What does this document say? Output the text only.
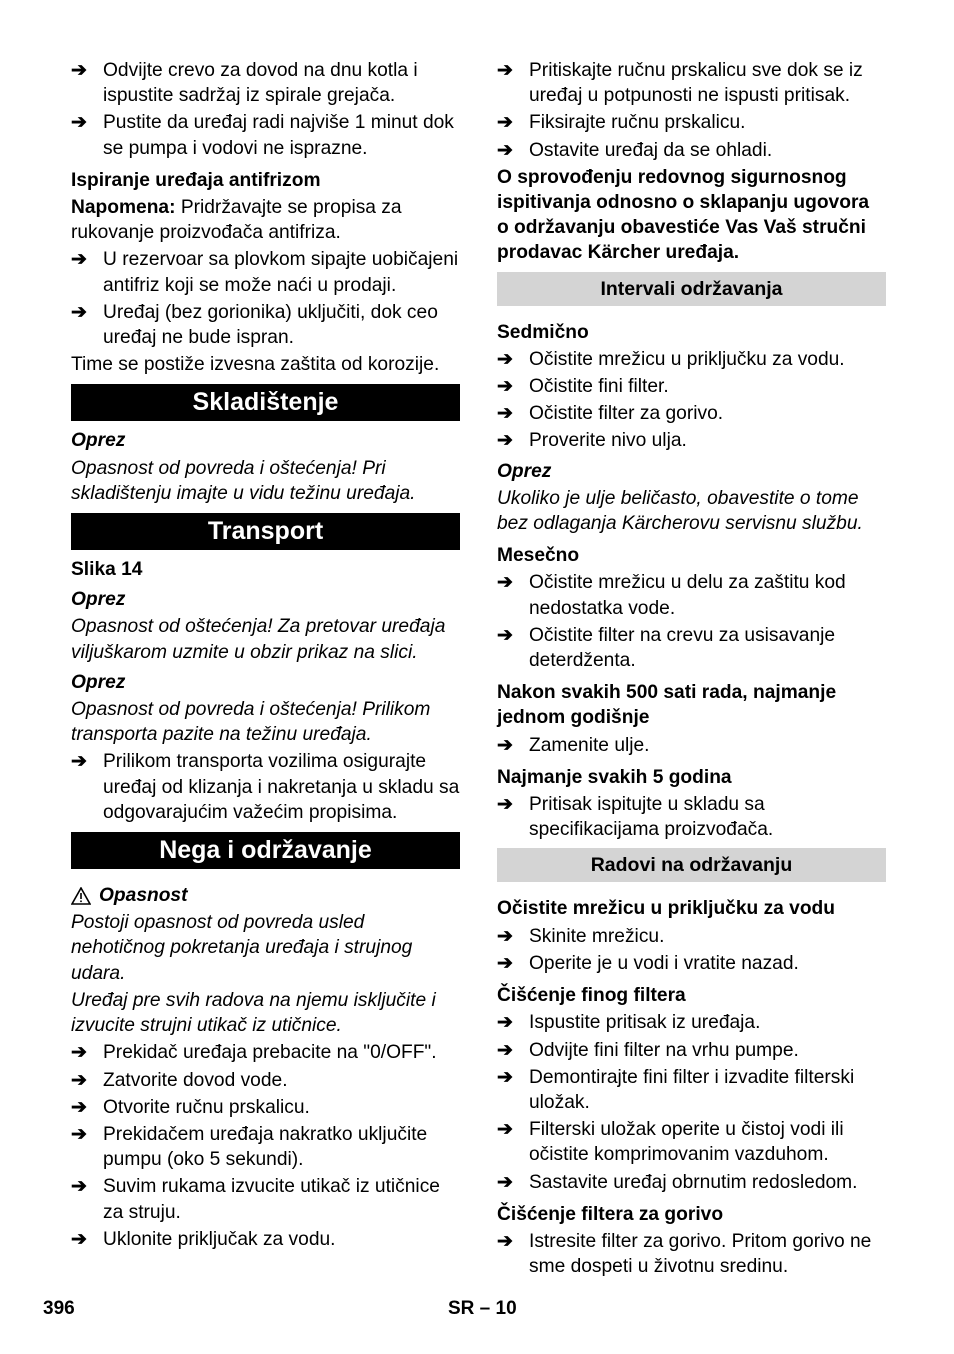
➔ Odvijte crevo za dovod na dnu kotla i ispustite sadržaj iz spirale grejača.
➔ Pustite da uređaj radi najviše 1 minut dok se pumpa i vodovi ne isprazne.
Ispiranje uređaja antifrizom
Napomena: Pridržavajte se propisa za rukovanje proizvođača antifriza.
➔ U rezervoar sa plovkom sipajte uobičajeni antifriz koji se može naći u prodaji.
➔ Uređaj (bez gorionika) uključiti, dok ceo uređaj ne bude ispran.
Time se postiže izvesna zaštita od korozije.
Skladištenje
Oprez
Opasnost od povreda i oštećenja! Pri skladištenju imajte u vidu težinu uređaja.
Transport
Slika 14
Oprez
Opasnost od oštećenja! Za pretovar uređaja viljuškarom uzmite u obzir prikaz na slici.
Oprez
Opasnost od povreda i oštećenja! Prilikom transporta pazite na težinu uređaja.
➔ Prilikom transporta vozilima osigurajte uređaj od klizanja i nakretanja u skladu sa odgovarajućim važećim propisima.
Nega i održavanje
Opasnost
Postoji opasnost od povreda usled nehotičnog pokretanja uređaja i strujnog udara.
Uređaj pre svih radova na njemu isključite i izvucite strujni utikač iz utičnice.
➔ Prekidač uređaja prebacite na "0/OFF".
➔ Zatvorite dovod vode.
➔ Otvorite ručnu prskalicu.
➔ Prekidačem uređaja nakratko uključite pumpu (oko 5 sekundi).
➔ Suvim rukama izvucite utikač iz utičnice za struju.
➔ Uklonite priključak za vodu.
➔ Pritiskajte ručnu prskalicu sve dok se iz uređaj u potpunosti ne ispusti pritisak.
➔ Fiksirajte ručnu prskalicu.
➔ Ostavite uređaj da se ohladi.
O sprovođenju redovnog sigurnosnog ispitivanja odnosno o sklapanju ugovora o održavanju obavestiće Vas Vaš stručni prodavac Kärcher uređaja.
Intervali održavanja
Sedmično
➔ Očistite mrežicu u priključku za vodu.
➔ Očistite fini filter.
➔ Očistite filter za gorivo.
➔ Proverite nivo ulja.
Oprez
Ukoliko je ulje beličasto, obavestite o tome bez odlaganja Kärcherovu servisnu službu.
Mesečno
➔ Očistite mrežicu u delu za zaštitu kod nedostatka vode.
➔ Očistite filter na crevu za usisavanje deterdženta.
Nakon svakih 500 sati rada, najmanje jednom godišnje
➔ Zamenite ulje.
Najmanje svakih 5 godina
➔ Pritisak ispitujte u skladu sa specifikacijama proizvođača.
Radovi na održavanju
Očistite mrežicu u priključku za vodu
➔ Skinite mrežicu.
➔ Operite je u vodi i vratite nazad.
Čišćenje finog filtera
➔ Ispustite pritisak iz uređaja.
➔ Odvijte fini filter na vrhu pumpe.
➔ Demontirajte fini filter i izvadite filterski uložak.
➔ Filterski uložak operite u čistoj vodi ili očistite komprimovanim vazduhom.
➔ Sastavite uređaj obrnutim redosledom.
Čišćenje filtera za gorivo
➔ Istresite filter za gorivo. Pritom gorivo ne sme dospeti u životnu sredinu.
396	SR – 10
